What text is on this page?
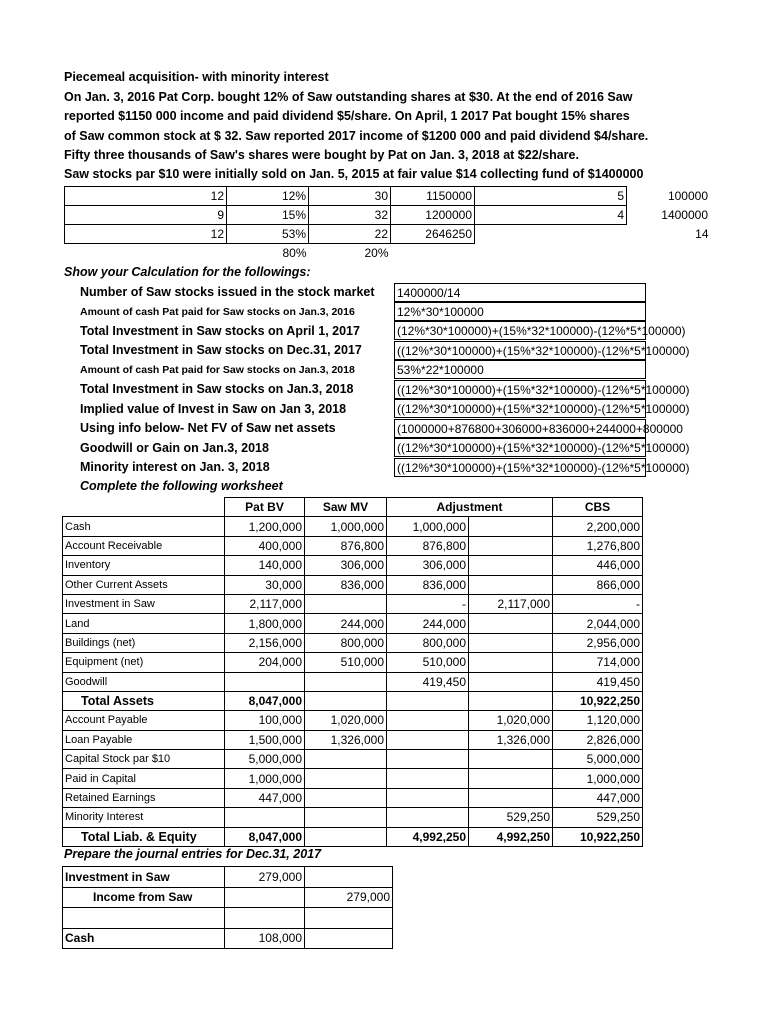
Piecemeal acquisition- with minority interest
On Jan. 3, 2016 Pat Corp. bought 12% of Saw outstanding shares at $30. At the end of 2016 Saw
reported $1150 000 income and paid dividend $5/share. On April, 1 2017 Pat bought 15% shares
of Saw common stock at $ 32. Saw reported 2017 income of $1200 000 and paid dividend $4/share.
Fifty three thousands of Saw's shares were bought by Pat on Jan. 3, 2018 at $22/share.
Saw stocks par $10 were initially sold on Jan. 5, 2015 at fair value $14 collecting fund of $1400000
12	12%	30	1150000	5	100000
9	15%	32	1200000	4	1400000
12	53%	22	2646250		14
	80%	20%			
Show your Calculation for the followings:
Number of Saw stocks issued in the stock market 1400000/14
Amount of cash Pat paid for Saw stocks on Jan.3, 2016	12%*30*100000
Total Investment in Saw stocks on April 1, 2017	(12%*30*100000)+(15%*32*100000)-(12%*5*100000)
Total Investment in Saw stocks on Dec.31, 2017	((12%*30*100000)+(15%*32*100000)-(12%*5*100000)
Amount of cash Pat paid for Saw stocks on Jan.3, 2018	53%*22*100000
Total Investment in Saw stocks on Jan.3, 2018	((12%*30*100000)+(15%*32*100000)-(12%*5*100000)
Implied value of Invest in Saw on Jan 3, 2018	((12%*30*100000)+(15%*32*100000)-(12%*5*100000)
Using info below- Net FV of Saw net assets	(1000000+876800+306000+836000+244000+800000
Goodwill or Gain on Jan.3, 2018	((12%*30*100000)+(15%*32*100000)-(12%*5*100000)
Minority interest on Jan. 3, 2018	((12%*30*100000)+(15%*32*100000)-(12%*5*100000)
Complete the following worksheet
	Pat BV	Saw MV	Adjustment		CBS
Cash	1,200,000	1,000,000	1,000,000		2,200,000
Account Receivable	400,000	876,800	876,800		1,276,800
Inventory	140,000	306,000	306,000		446,000
Other Current Assets	30,000	836,000	836,000		866,000
Investment in Saw	2,117,000		-	2,117,000	-
Land	1,800,000	244,000	244,000		2,044,000
Buildings (net)	2,156,000	800,000	800,000		2,956,000
Equipment (net)	204,000	510,000	510,000		714,000
Goodwill			419,450		419,450
Total Assets	8,047,000				10,922,250
Account Payable	100,000	1,020,000		1,020,000	1,120,000
Loan Payable	1,500,000	1,326,000		1,326,000	2,826,000
Capital Stock par $10	5,000,000				5,000,000
Paid in Capital	1,000,000				1,000,000
Retained Earnings	447,000				447,000
Minority Interest				529,250	529,250
Total Liab. & Equity	8,047,000		4,992,250	4,992,250	10,922,250
Prepare the journal entries for Dec.31, 2017
Investment in Saw	279,000	
Income from Saw		279,000

Cash	108,000	
